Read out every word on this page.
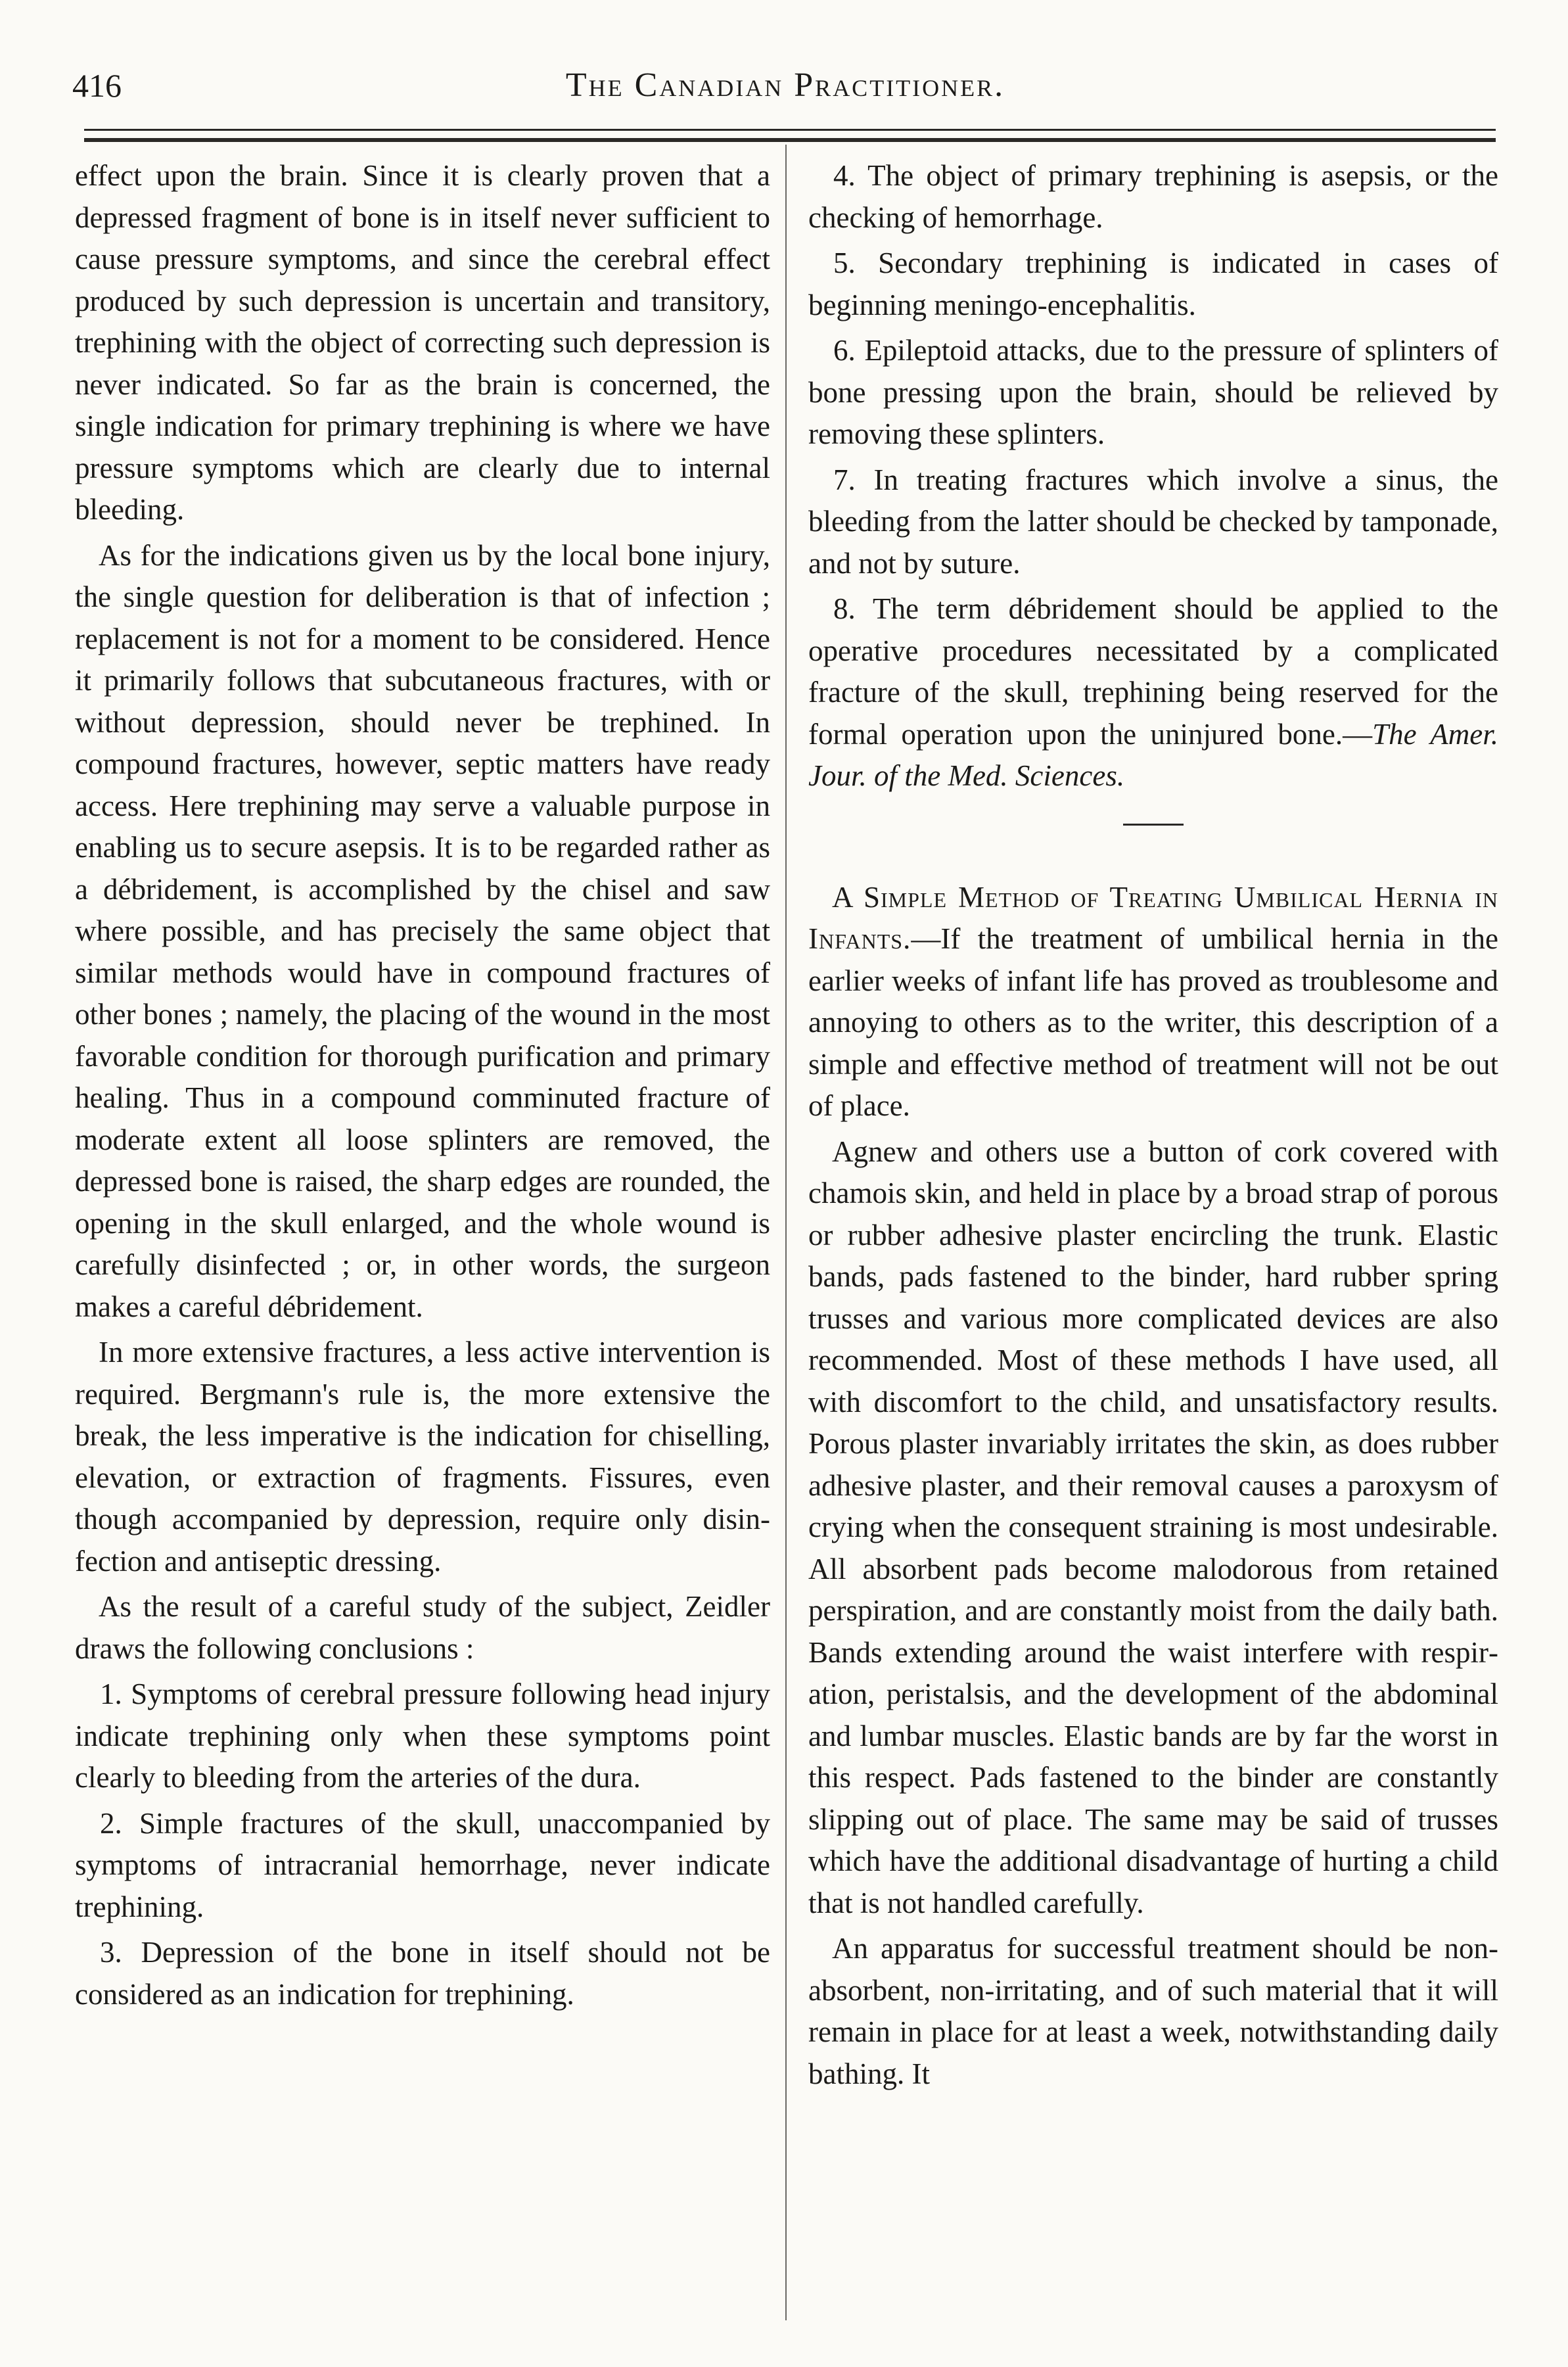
416	The Canadian Practitioner.

effect upon the brain. Since it is clearly proven that a depressed fragment of bone is in itself never sufficient to cause pressure symptoms, and since the cerebral effect produced by such depression is uncertain and transitory, trephining with the object of correcting such depression is never indicated. So far as the brain is concerned, the single indication for primary trephining is where we have pressure symptoms which are clearly due to internal bleeding.

As for the indications given us by the local bone injury, the single question for deliberation is that of infection ; replacement is not for a moment to be considered. Hence it primarily follows that subcutaneous fractures, with or without depression, should never be trephined. In compound fractures, however, septic matters have ready access. Here trephining may serve a valuable purpose in enabling us to secure asepsis. It is to be regarded rather as a débridement, is accomplished by the chisel and saw where possible, and has precisely the same object that similar methods would have in compound fractures of other bones ; namely, the placing of the wound in the most favorable condition for thorough purification and primary healing. Thus in a compound comminuted fracture of moderate extent all loose splinters are removed, the depressed bone is raised, the sharp edges are rounded, the opening in the skull enlarged, and the whole wound is carefully disinfected ; or, in other words, the surgeon makes a careful débridement.

In more extensive fractures, a less active intervention is required. Bergmann's rule is, the more extensive the break, the less imperative is the indication for chiselling, elevation, or extraction of fragments. Fissures, even though accompanied by depression, require only disinfection and antiseptic dressing.

As the result of a careful study of the subject, Zeidler draws the following conclusions :

1. Symptoms of cerebral pressure following head injury indicate trephining only when these symptoms point clearly to bleeding from the arteries of the dura.

2. Simple fractures of the skull, unaccompanied by symptoms of intracranial hemorrhage, never indicate trephining.

3. Depression of the bone in itself should not be considered as an indication for trephining.

4. The object of primary trephining is asepsis, or the checking of hemorrhage.

5. Secondary trephining is indicated in cases of beginning meningo-encephalitis.

6. Epileptoid attacks, due to the pressure of splinters of bone pressing upon the brain, should be relieved by removing these splinters.

7. In treating fractures which involve a sinus, the bleeding from the latter should be checked by tamponade, and not by suture.

8. The term débridement should be applied to the operative procedures necessitated by a complicated fracture of the skull, trephining being reserved for the formal operation upon the uninjured bone.—The Amer. Jour. of the Med. Sciences.

A Simple Method of Treating Umbilical Hernia in Infants.—If the treatment of umbilical hernia in the earlier weeks of infant life has proved as troublesome and annoying to others as to the writer, this description of a simple and effective method of treatment will not be out of place.

Agnew and others use a button of cork covered with chamois skin, and held in place by a broad strap of porous or rubber adhesive plaster encircling the trunk. Elastic bands, pads fastened to the binder, hard rubber spring trusses and various more complicated devices are also recommended. Most of these methods I have used, all with discomfort to the child, and unsatisfactory results. Porous plaster invariably irritates the skin, as does rubber adhesive plaster, and their removal causes a paroxysm of crying when the consequent straining is most undesirable. All absorbent pads become malodorous from retained perspiration, and are constantly moist from the daily bath. Bands extending around the waist interfere with respiration, peristalsis, and the development of the abdominal and lumbar muscles. Elastic bands are by far the worst in this respect. Pads fastened to the binder are constantly slipping out of place. The same may be said of trusses which have the additional disadvantage of hurting a child that is not handled carefully.

An apparatus for successful treatment should be non-absorbent, non-irritating, and of such material that it will remain in place for at least a week, notwithstanding daily bathing. It
